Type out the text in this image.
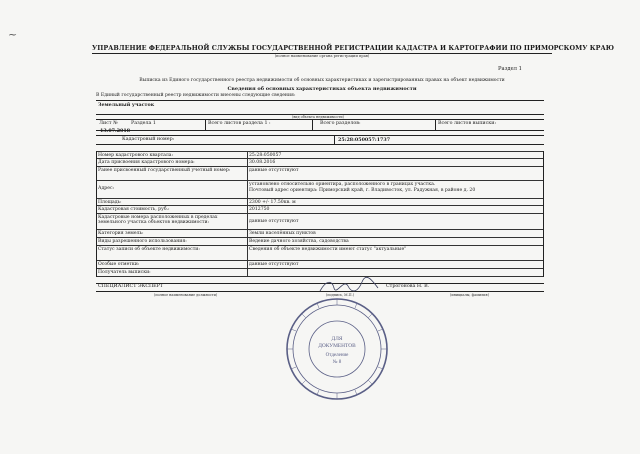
~
УПРАВЛЕНИЕ ФЕДЕРАЛЬНОЙ СЛУЖБЫ ГОСУДАРСТВЕННОЙ РЕГИСТРАЦИИ КАДАСТРА И КАРТОГРАФИИ ПО ПРИМОРСКОМУ КРАЮ
(полное наименование органа регистрации прав)
Раздел 1
Выписка из Единого государственного реестра недвижимости об основных характеристиках и зарегистрированных правах на объект недвижимости
Сведения об основных характеристиках объекта недвижимости
В Единый государственный реестр недвижимости внесены следующие сведения:
Земельный участок
(вид объекта недвижимости)
Лист №	Раздела 1	Всего листов раздела 1 :	Всего разделов:	Всего листов выписки:
13.07.2018
Кадастровый номер:	25:28:050057:1737
Номер кадастрового квартала:	25:28:050057
Дата присвоения кадастрового номера:	30.08.2016
Ранее присвоенный государственный учетный номер:	данные отсутствуют
Адрес:
установлено относительно ориентира, расположенного в границах участка.
Почтовый адрес ориентира: Приморский край, г. Владивосток, ул. Радужная, в районе д. 20
Площадь:	2300 +/- 17.50кв. м
Кадастровая стоимость, руб.:	2012750
Кадастровые номера расположенных в пределах
земельного участка объектов недвижимости:	данные отсутствуют
Категория земель:	Земли населённых пунктов
Виды разрешенного использования:	Ведение дачного хозяйства, садоводства
Статус записи об объекте недвижимости:	Сведения об объекте недвижимости имеют статус "актуальные"
Особые отметки:	данные отсутствуют
Получатель выписки:
СПЕЦИАЛИСТ ЭКСПЕРТ	Строгонова Н. В.
(полное наименование должности)	(подпись, М.П.)	(инициалы, фамилия)
ДЛЯ
ДОКУМЕНТОВ
Отделение
№ 8
